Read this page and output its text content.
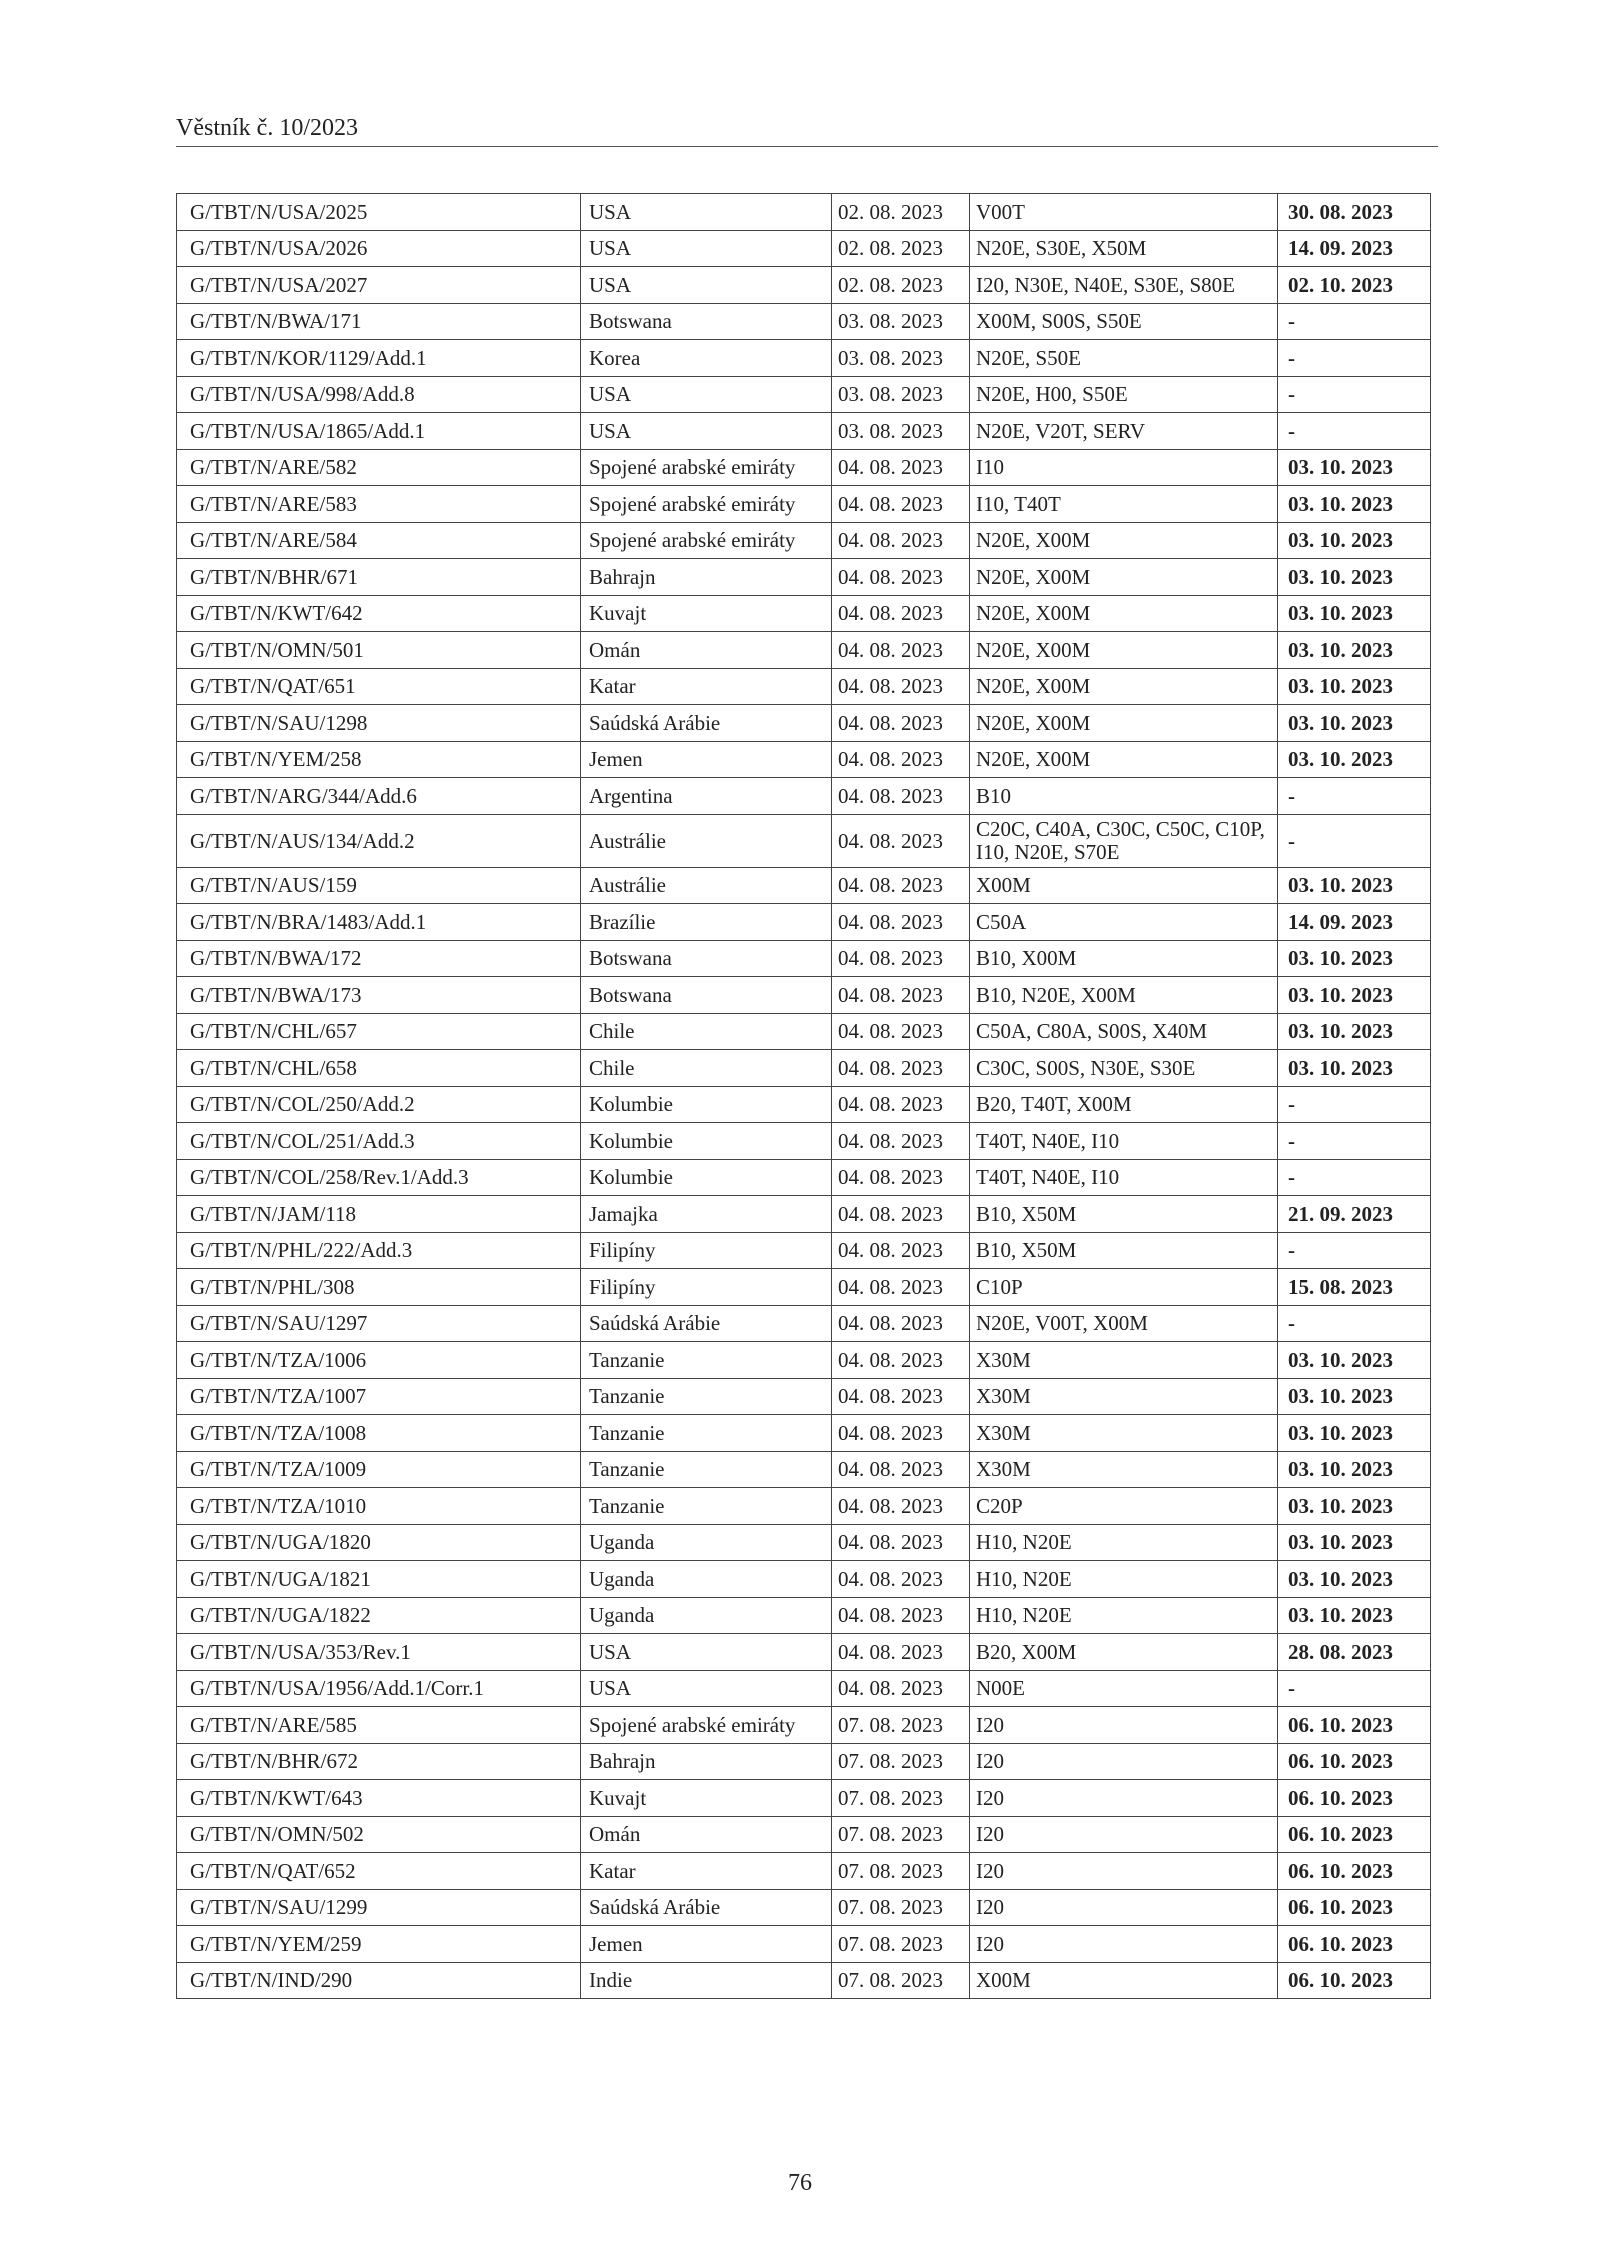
Věstník č. 10/2023
G/TBT/N/USA/2025	USA	02. 08. 2023	V00T	30. 08. 2023
G/TBT/N/USA/2026	USA	02. 08. 2023	N20E, S30E, X50M	14. 09. 2023
G/TBT/N/USA/2027	USA	02. 08. 2023	I20, N30E, N40E, S30E, S80E	02. 10. 2023
G/TBT/N/BWA/171	Botswana	03. 08. 2023	X00M, S00S, S50E	-
G/TBT/N/KOR/1129/Add.1	Korea	03. 08. 2023	N20E, S50E	-
G/TBT/N/USA/998/Add.8	USA	03. 08. 2023	N20E, H00, S50E	-
G/TBT/N/USA/1865/Add.1	USA	03. 08. 2023	N20E, V20T, SERV	-
G/TBT/N/ARE/582	Spojené arabské emiráty	04. 08. 2023	I10	03. 10. 2023
G/TBT/N/ARE/583	Spojené arabské emiráty	04. 08. 2023	I10, T40T	03. 10. 2023
G/TBT/N/ARE/584	Spojené arabské emiráty	04. 08. 2023	N20E, X00M	03. 10. 2023
G/TBT/N/BHR/671	Bahrajn	04. 08. 2023	N20E, X00M	03. 10. 2023
G/TBT/N/KWT/642	Kuvajt	04. 08. 2023	N20E, X00M	03. 10. 2023
G/TBT/N/OMN/501	Omán	04. 08. 2023	N20E, X00M	03. 10. 2023
G/TBT/N/QAT/651	Katar	04. 08. 2023	N20E, X00M	03. 10. 2023
G/TBT/N/SAU/1298	Saúdská Arábie	04. 08. 2023	N20E, X00M	03. 10. 2023
G/TBT/N/YEM/258	Jemen	04. 08. 2023	N20E, X00M	03. 10. 2023
G/TBT/N/ARG/344/Add.6	Argentina	04. 08. 2023	B10	-
G/TBT/N/AUS/134/Add.2	Austrálie	04. 08. 2023	C20C, C40A, C30C, C50C, C10P, I10, N20E, S70E	-
G/TBT/N/AUS/159	Austrálie	04. 08. 2023	X00M	03. 10. 2023
G/TBT/N/BRA/1483/Add.1	Brazílie	04. 08. 2023	C50A	14. 09. 2023
G/TBT/N/BWA/172	Botswana	04. 08. 2023	B10, X00M	03. 10. 2023
G/TBT/N/BWA/173	Botswana	04. 08. 2023	B10, N20E, X00M	03. 10. 2023
G/TBT/N/CHL/657	Chile	04. 08. 2023	C50A, C80A, S00S, X40M	03. 10. 2023
G/TBT/N/CHL/658	Chile	04. 08. 2023	C30C, S00S, N30E, S30E	03. 10. 2023
G/TBT/N/COL/250/Add.2	Kolumbie	04. 08. 2023	B20, T40T, X00M	-
G/TBT/N/COL/251/Add.3	Kolumbie	04. 08. 2023	T40T, N40E, I10	-
G/TBT/N/COL/258/Rev.1/Add.3	Kolumbie	04. 08. 2023	T40T, N40E, I10	-
G/TBT/N/JAM/118	Jamajka	04. 08. 2023	B10, X50M	21. 09. 2023
G/TBT/N/PHL/222/Add.3	Filipíny	04. 08. 2023	B10, X50M	-
G/TBT/N/PHL/308	Filipíny	04. 08. 2023	C10P	15. 08. 2023
G/TBT/N/SAU/1297	Saúdská Arábie	04. 08. 2023	N20E, V00T, X00M	-
G/TBT/N/TZA/1006	Tanzanie	04. 08. 2023	X30M	03. 10. 2023
G/TBT/N/TZA/1007	Tanzanie	04. 08. 2023	X30M	03. 10. 2023
G/TBT/N/TZA/1008	Tanzanie	04. 08. 2023	X30M	03. 10. 2023
G/TBT/N/TZA/1009	Tanzanie	04. 08. 2023	X30M	03. 10. 2023
G/TBT/N/TZA/1010	Tanzanie	04. 08. 2023	C20P	03. 10. 2023
G/TBT/N/UGA/1820	Uganda	04. 08. 2023	H10, N20E	03. 10. 2023
G/TBT/N/UGA/1821	Uganda	04. 08. 2023	H10, N20E	03. 10. 2023
G/TBT/N/UGA/1822	Uganda	04. 08. 2023	H10, N20E	03. 10. 2023
G/TBT/N/USA/353/Rev.1	USA	04. 08. 2023	B20, X00M	28. 08. 2023
G/TBT/N/USA/1956/Add.1/Corr.1	USA	04. 08. 2023	N00E	-
G/TBT/N/ARE/585	Spojené arabské emiráty	07. 08. 2023	I20	06. 10. 2023
G/TBT/N/BHR/672	Bahrajn	07. 08. 2023	I20	06. 10. 2023
G/TBT/N/KWT/643	Kuvajt	07. 08. 2023	I20	06. 10. 2023
G/TBT/N/OMN/502	Omán	07. 08. 2023	I20	06. 10. 2023
G/TBT/N/QAT/652	Katar	07. 08. 2023	I20	06. 10. 2023
G/TBT/N/SAU/1299	Saúdská Arábie	07. 08. 2023	I20	06. 10. 2023
G/TBT/N/YEM/259	Jemen	07. 08. 2023	I20	06. 10. 2023
G/TBT/N/IND/290	Indie	07. 08. 2023	X00M	06. 10. 2023
76
